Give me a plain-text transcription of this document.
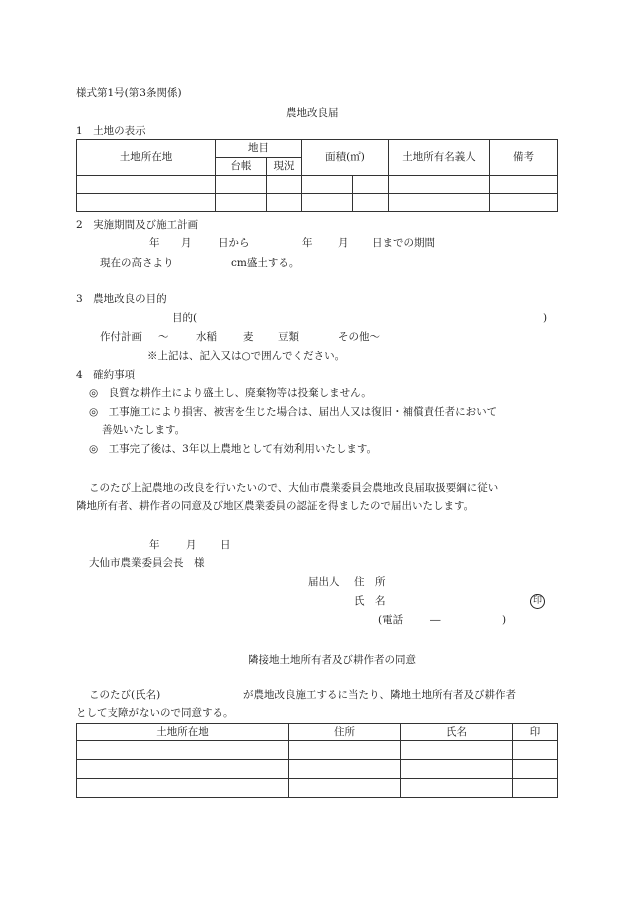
様式第1号(第3条関係)
農地改良届
1　土地の表示
土地所在地	地目		面積(㎡)		土地所有名義人	備考
	台帳	現況				

2　実施期間及び施工計画
年 月	日から	年 月 日までの期間
現在の高さより	cm盛土する。
3　農地改良の目的
目的(	)
作付計画 〜	水稲 麦 豆類	その他〜
※上記は、記入又は○で囲んでください。
4　確約事項
◎　良質な耕作土により盛土し、廃棄物等は投棄しません。
◎　工事施工により損害、被害を生じた場合は、届出人又は復旧・補償責任者において
善処いたします。
◎　工事完了後は、3年以上農地として有効利用いたします。
このたび上記農地の改良を行いたいので、大仙市農業委員会農地改良届取扱要綱に従い
隣地所有者、耕作者の同意及び地区農業委員の認証を得ましたので届出いたします。
年	月 日
大仙市農業委員会長　様
届出人 住　所
氏　名	印
(電話	―	)
隣接地土地所有者及び耕作者の同意
このたび(氏名)	が農地改良施工するに当たり、隣地土地所有者及び耕作者
として支障がないので同意する。
土地所在地	住所	氏名	印
